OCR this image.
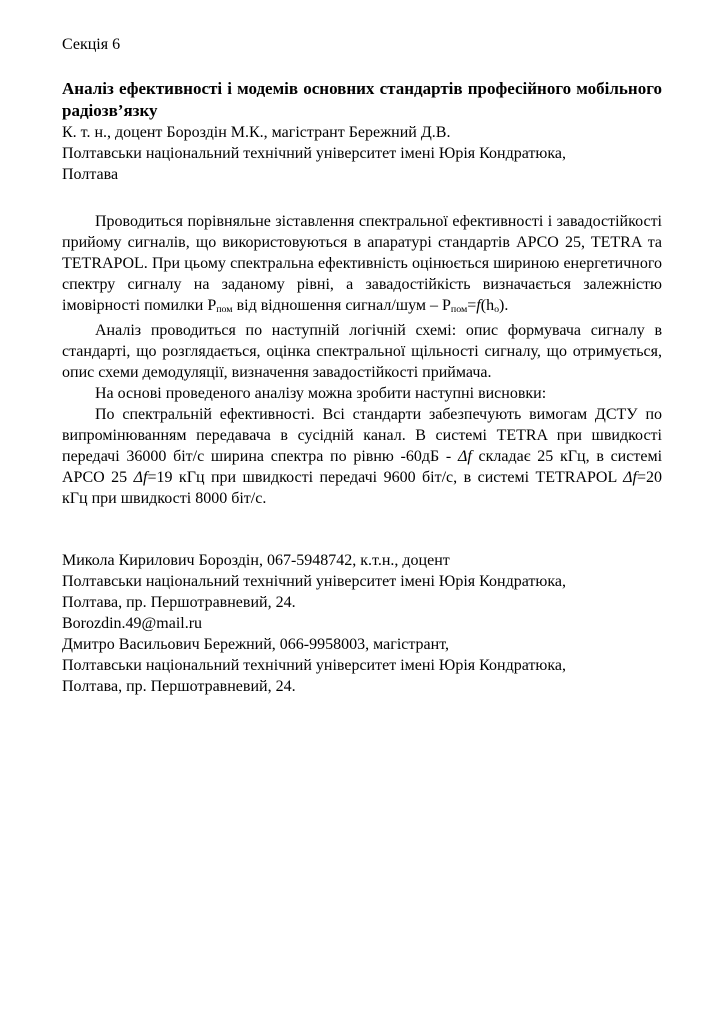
Секція 6
Аналіз ефективності і модемів основних стандартів професійного мобільного радіозв’язку
К. т. н., доцент Бороздін М.К., магістрант Бережний Д.В.
Полтавськи національний технічний університет імені Юрія Кондратюка,
Полтава

Проводиться порівняльне зіставлення спектральної ефективності і завадостійкості прийому сигналів, що використовуються в апаратурі стандартів APCO 25, TETRA та TETRAPOL. При цьому спектральна ефективність оцінюється шириною енергетичного спектру сигналу на заданому рівні, а завадостійкість визначається залежністю імовірності помилки Рпом від відношення сигнал/шум – Рпом=f(hо).

Аналіз проводиться по наступній логічній схемі: опис формувача сигналу в стандарті, що розглядається, оцінка спектральної щільності сигналу, що отримується, опис схеми демодуляції, визначення завадостійкості приймача.

На основі проведеного аналізу можна зробити наступні висновки:

По спектральній ефективності. Всі стандарти забезпечують вимогам ДСТУ по випромінюванням передавача в сусідній канал. В системі TETRA при швидкості передачі 36000 біт/с ширина спектра по рівню -60дБ - Δf складає 25 кГц, в системі APCO 25 Δf=19 кГц при швидкості передачі 9600 біт/с, в системі TETRAPOL Δf=20 кГц при швидкості 8000 біт/с.

Микола Кирилович Бороздін, 067-5948742, к.т.н., доцент
Полтавськи національний технічний університет імені Юрія Кондратюка,
Полтава, пр. Першотравневий, 24.
Borozdin.49@mail.ru
Дмитро Васильович Бережний, 066-9958003, магістрант,
Полтавськи національний технічний університет імені Юрія Кондратюка,
Полтава, пр. Першотравневий, 24.
